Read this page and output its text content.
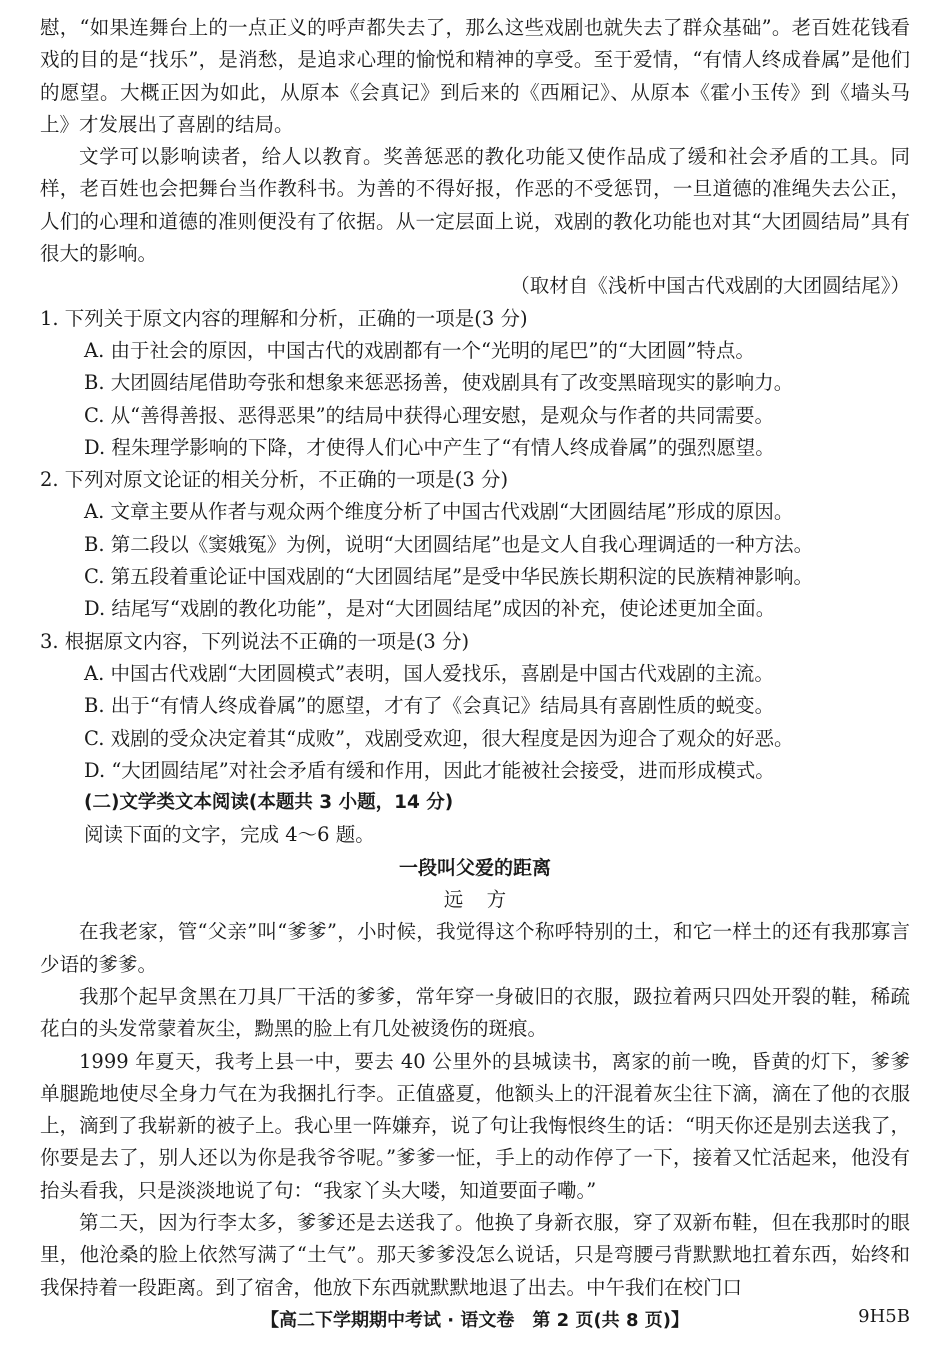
慰，“如果连舞台上的一点正义的呼声都失去了，那么这些戏剧也就失去了群众基础”。老百姓花钱看戏的目的是“找乐”，是消愁，是追求心理的愉悦和精神的享受。至于爱情，“有情人终成眷属”是他们的愿望。大概正因为如此，从原本《会真记》到后来的《西厢记》、从原本《霍小玉传》到《墙头马上》才发展出了喜剧的结局。

文学可以影响读者，给人以教育。奖善惩恶的教化功能又使作品成了缓和社会矛盾的工具。同样，老百姓也会把舞台当作教科书。为善的不得好报，作恶的不受惩罚，一旦道德的准绳失去公正，人们的心理和道德的准则便没有了依据。从一定层面上说，戏剧的教化功能也对其“大团圆结局”具有很大的影响。

（取材自《浅析中国古代戏剧的大团圆结尾》）

1. 下列关于原文内容的理解和分析，正确的一项是(3 分)

A. 由于社会的原因，中国古代的戏剧都有一个“光明的尾巴”的“大团圆”特点。

B. 大团圆结尾借助夸张和想象来惩恶扬善，使戏剧具有了改变黑暗现实的影响力。

C. 从“善得善报、恶得恶果”的结局中获得心理安慰，是观众与作者的共同需要。

D. 程朱理学影响的下降，才使得人们心中产生了“有情人终成眷属”的强烈愿望。

2. 下列对原文论证的相关分析，不正确的一项是(3 分)

A. 文章主要从作者与观众两个维度分析了中国古代戏剧“大团圆结尾”形成的原因。

B. 第二段以《窦娥冤》为例，说明“大团圆结尾”也是文人自我心理调适的一种方法。

C. 第五段着重论证中国戏剧的“大团圆结尾”是受中华民族长期积淀的民族精神影响。

D. 结尾写“戏剧的教化功能”，是对“大团圆结尾”成因的补充，使论述更加全面。

3. 根据原文内容，下列说法不正确的一项是(3 分)

A. 中国古代戏剧“大团圆模式”表明，国人爱找乐，喜剧是中国古代戏剧的主流。

B. 出于“有情人终成眷属”的愿望，才有了《会真记》结局具有喜剧性质的蜕变。

C. 戏剧的受众决定着其“成败”，戏剧受欢迎，很大程度是因为迎合了观众的好恶。

D. “大团圆结尾”对社会矛盾有缓和作用，因此才能被社会接受，进而形成模式。

(二)文学类文本阅读(本题共 3 小题，14 分)

阅读下面的文字，完成 4～6 题。

一段叫父爱的距离

远方

在我老家，管“父亲”叫“爹爹”，小时候，我觉得这个称呼特别的土，和它一样土的还有我那寡言少语的爹爹。

我那个起早贪黑在刀具厂干活的爹爹，常年穿一身破旧的衣服，趿拉着两只四处开裂的鞋，稀疏花白的头发常蒙着灰尘，黝黑的脸上有几处被烫伤的斑痕。

1999 年夏天，我考上县一中，要去 40 公里外的县城读书，离家的前一晚，昏黄的灯下，爹爹单腿跪地使尽全身力气在为我捆扎行李。正值盛夏，他额头上的汗混着灰尘往下滴，滴在了他的衣服上，滴到了我崭新的被子上。我心里一阵嫌弃，说了句让我悔恨终生的话：“明天你还是别去送我了，你要是去了，别人还以为你是我爷爷呢。”爹爹一怔，手上的动作停了一下，接着又忙活起来，他没有抬头看我，只是淡淡地说了句：“我家丫头大喽，知道要面子嘞。”

第二天，因为行李太多，爹爹还是去送我了。他换了身新衣服，穿了双新布鞋，但在我那时的眼里，他沧桑的脸上依然写满了“土气”。那天爹爹没怎么说话，只是弯腰弓背默默地扛着东西，始终和我保持着一段距离。到了宿舍，他放下东西就默默地退了出去。中午我们在校门口

【高二下学期期中考试 · 语文卷　第 2 页(共 8 页)】	9H5B
